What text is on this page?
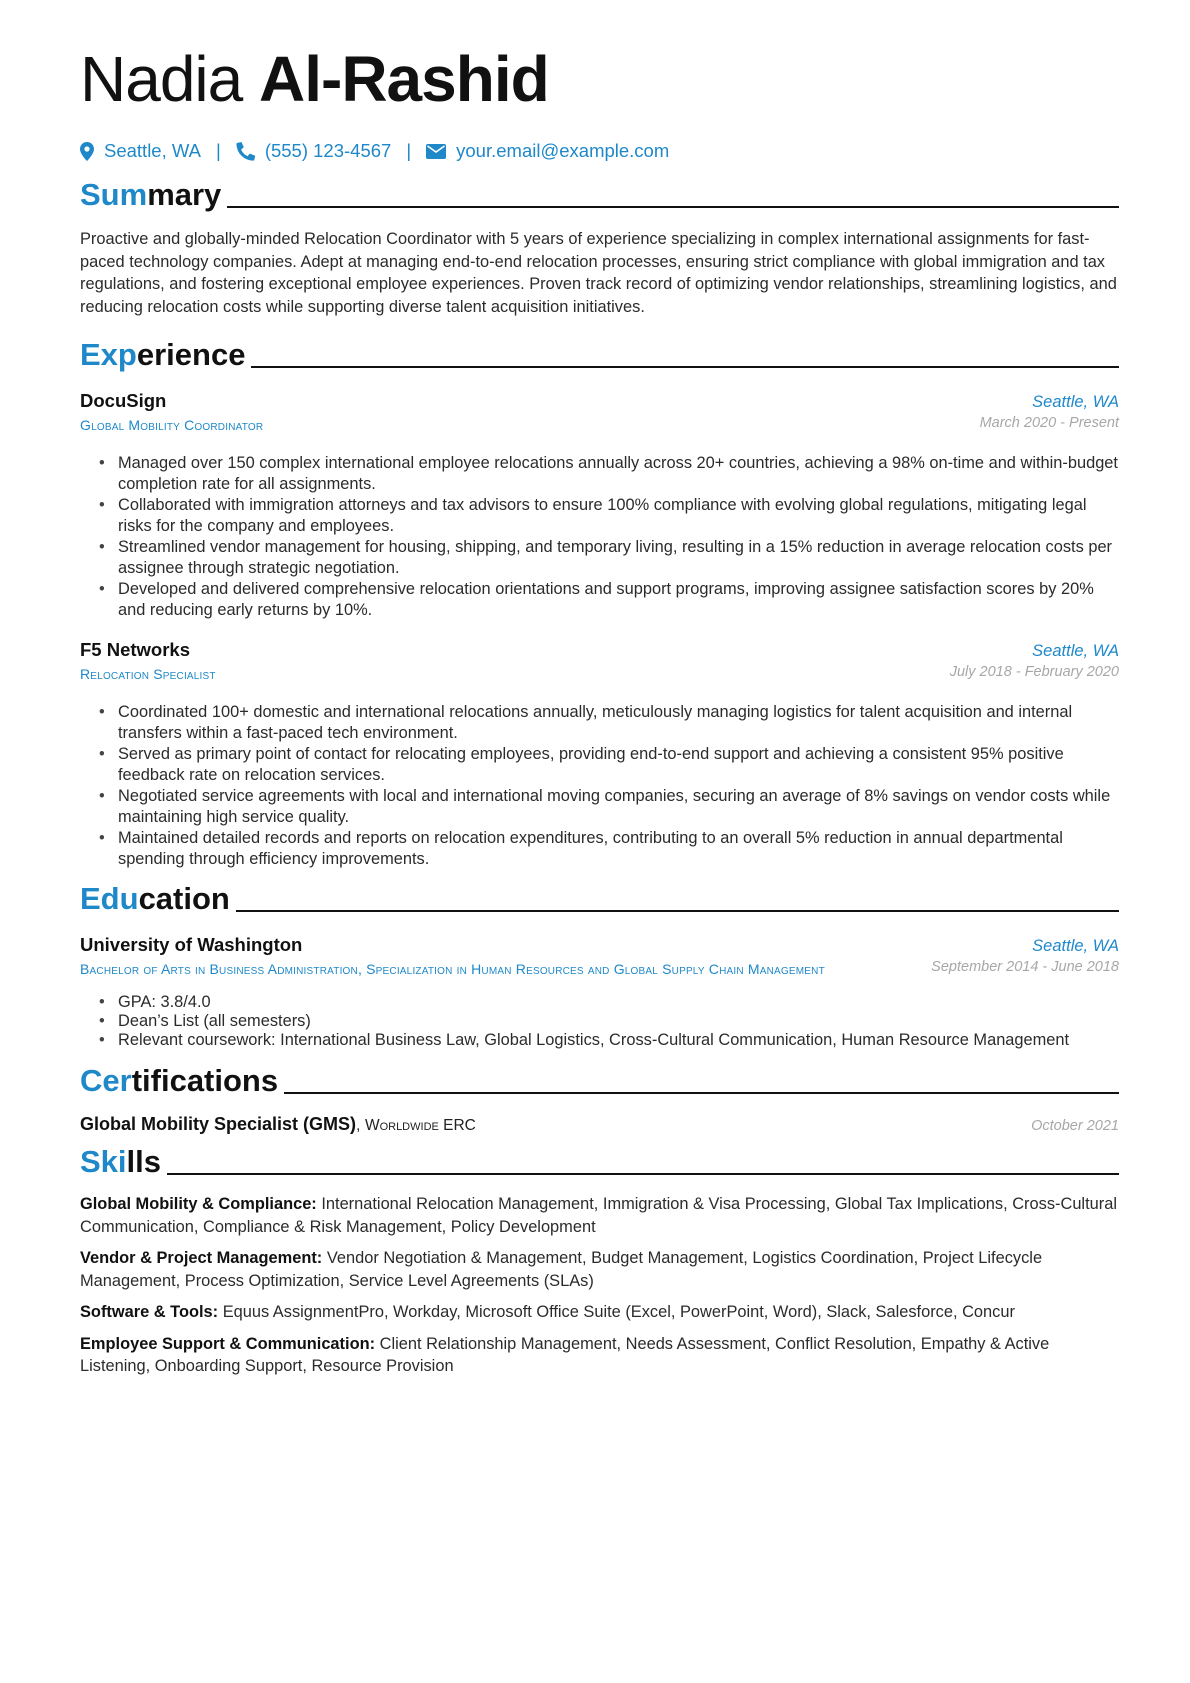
Nadia Al-Rashid
Seattle, WA | (555) 123-4567 | your.email@example.com
Summary
Proactive and globally-minded Relocation Coordinator with 5 years of experience specializing in complex international assignments for fast-paced technology companies. Adept at managing end-to-end relocation processes, ensuring strict compliance with global immigration and tax regulations, and fostering exceptional employee experiences. Proven track record of optimizing vendor relationships, streamlining logistics, and reducing relocation costs while supporting diverse talent acquisition initiatives.
Experience
DocuSign	Seattle, WA
Global Mobility Coordinator	March 2020 - Present
• Managed over 150 complex international employee relocations annually across 20+ countries, achieving a 98% on-time and within-budget completion rate for all assignments.
• Collaborated with immigration attorneys and tax advisors to ensure 100% compliance with evolving global regulations, mitigating legal risks for the company and employees.
• Streamlined vendor management for housing, shipping, and temporary living, resulting in a 15% reduction in average relocation costs per assignee through strategic negotiation.
• Developed and delivered comprehensive relocation orientations and support programs, improving assignee satisfaction scores by 20% and reducing early returns by 10%.
F5 Networks	Seattle, WA
Relocation Specialist	July 2018 - February 2020
• Coordinated 100+ domestic and international relocations annually, meticulously managing logistics for talent acquisition and internal transfers within a fast-paced tech environment.
• Served as primary point of contact for relocating employees, providing end-to-end support and achieving a consistent 95% positive feedback rate on relocation services.
• Negotiated service agreements with local and international moving companies, securing an average of 8% savings on vendor costs while maintaining high service quality.
• Maintained detailed records and reports on relocation expenditures, contributing to an overall 5% reduction in annual departmental spending through efficiency improvements.
Education
University of Washington	Seattle, WA
Bachelor of Arts in Business Administration, Specialization in Human Resources and Global Supply Chain Management	September 2014 - June 2018
• GPA: 3.8/4.0
• Dean’s List (all semesters)
• Relevant coursework: International Business Law, Global Logistics, Cross-Cultural Communication, Human Resource Management
Certifications
Global Mobility Specialist (GMS), Worldwide ERC	October 2021
Skills
Global Mobility & Compliance: International Relocation Management, Immigration & Visa Processing, Global Tax Implications, Cross-Cultural Communication, Compliance & Risk Management, Policy Development
Vendor & Project Management: Vendor Negotiation & Management, Budget Management, Logistics Coordination, Project Lifecycle Management, Process Optimization, Service Level Agreements (SLAs)
Software & Tools: Equus AssignmentPro, Workday, Microsoft Office Suite (Excel, PowerPoint, Word), Slack, Salesforce, Concur
Employee Support & Communication: Client Relationship Management, Needs Assessment, Conflict Resolution, Empathy & Active Listening, Onboarding Support, Resource Provision
